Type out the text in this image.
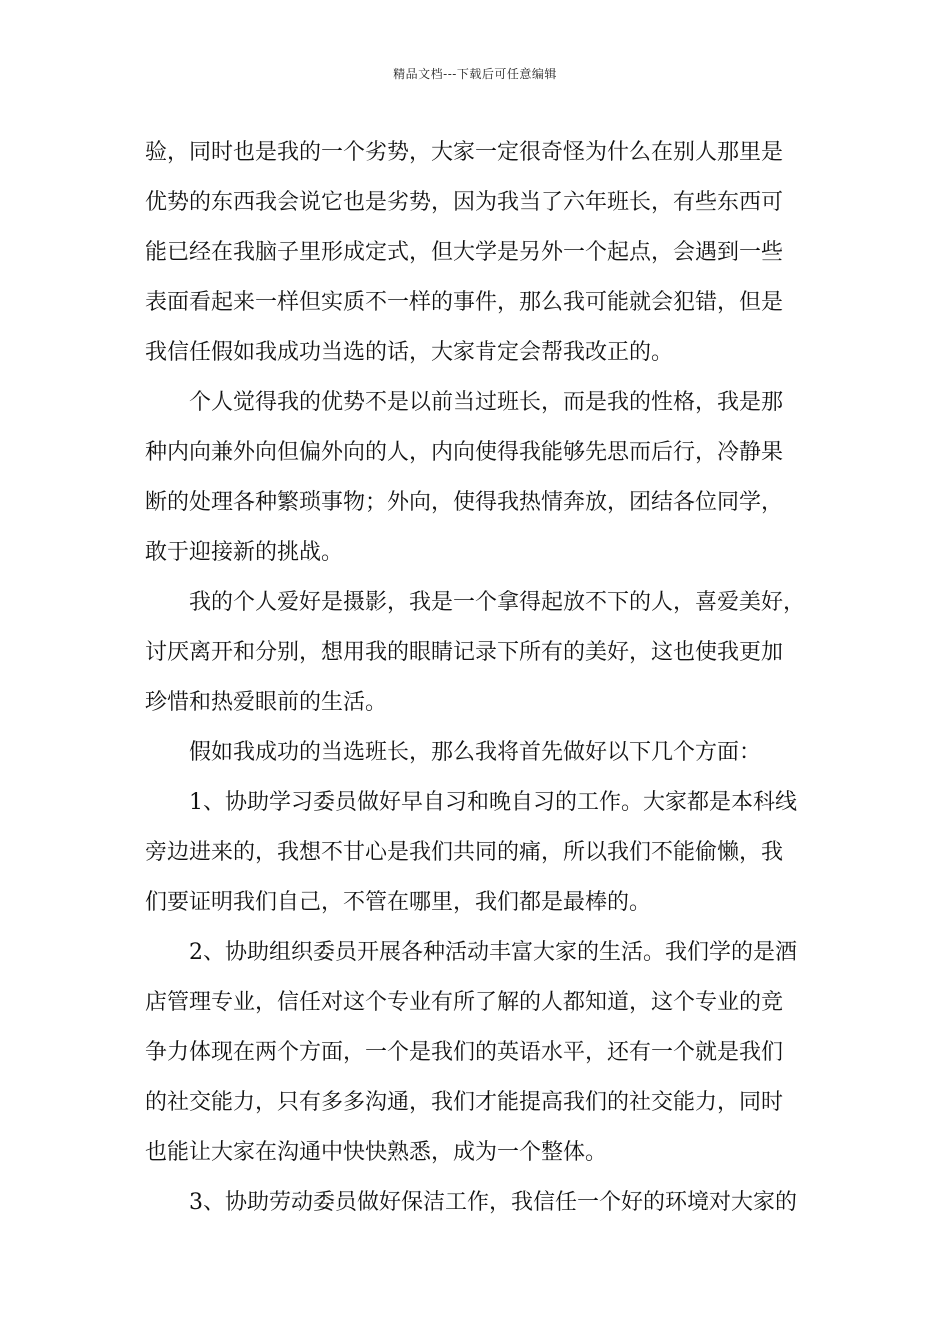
精品文档---下载后可任意编辑
验，同时也是我的一个劣势，大家一定很奇怪为什么在别人那里是
优势的东西我会说它也是劣势，因为我当了六年班长，有些东西可
能已经在我脑子里形成定式，但大学是另外一个起点，会遇到一些
表面看起来一样但实质不一样的事件，那么我可能就会犯错，但是
我信任假如我成功当选的话，大家肯定会帮我改正的。
个人觉得我的优势不是以前当过班长，而是我的性格，我是那
种内向兼外向但偏外向的人，内向使得我能够先思而后行，冷静果
断的处理各种繁琐事物；外向，使得我热情奔放，团结各位同学，
敢于迎接新的挑战。
我的个人爱好是摄影，我是一个拿得起放不下的人，喜爱美好，
讨厌离开和分别，想用我的眼睛记录下所有的美好，这也使我更加
珍惜和热爱眼前的生活。
假如我成功的当选班长，那么我将首先做好以下几个方面：
1、协助学习委员做好早自习和晚自习的工作。大家都是本科线
旁边进来的，我想不甘心是我们共同的痛，所以我们不能偷懒，我
们要证明我们自己，不管在哪里，我们都是最棒的。
2、协助组织委员开展各种活动丰富大家的生活。我们学的是酒
店管理专业，信任对这个专业有所了解的人都知道，这个专业的竞
争力体现在两个方面，一个是我们的英语水平，还有一个就是我们
的社交能力，只有多多沟通，我们才能提高我们的社交能力，同时
也能让大家在沟通中快快熟悉，成为一个整体。
3、协助劳动委员做好保洁工作，我信任一个好的环境对大家的
